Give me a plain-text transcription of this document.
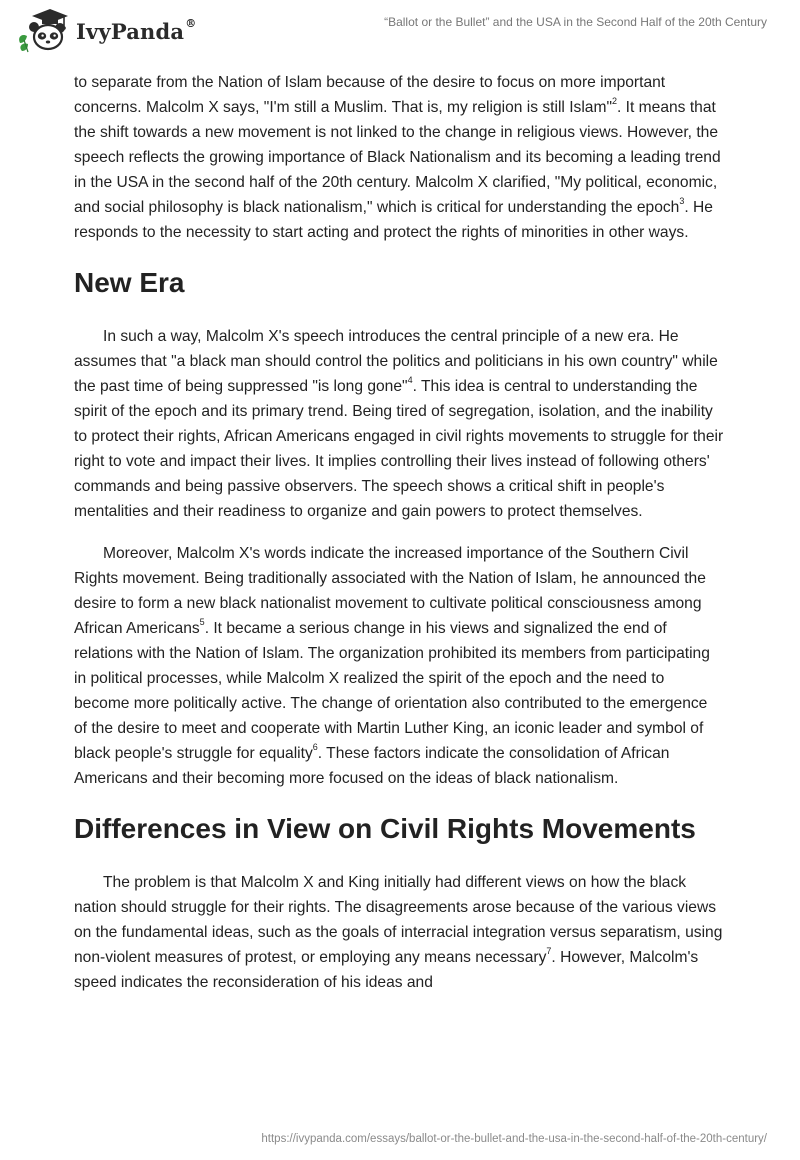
IvyPanda®	“Ballot or the Bullet” and the USA in the Second Half of the 20th Century

to separate from the Nation of Islam because of the desire to focus on more important concerns. Malcolm X says, "I'm still a Muslim. That is, my religion is still Islam"$^2$. It means that the shift towards a new movement is not linked to the change in religious views. However, the speech reflects the growing importance of Black Nationalism and its becoming a leading trend in the USA in the second half of the 20th century. Malcolm X clarified, "My political, economic, and social philosophy is black nationalism," which is critical for understanding the epoch$^3$. He responds to the necessity to start acting and protect the rights of minorities in other ways.

New Era

In such a way, Malcolm X's speech introduces the central principle of a new era. He assumes that "a black man should control the politics and politicians in his own country" while the past time of being suppressed "is long gone"$^4$. This idea is central to understanding the spirit of the epoch and its primary trend. Being tired of segregation, isolation, and the inability to protect their rights, African Americans engaged in civil rights movements to struggle for their right to vote and impact their lives. It implies controlling their lives instead of following others' commands and being passive observers. The speech shows a critical shift in people's mentalities and their readiness to organize and gain powers to protect themselves.

Moreover, Malcolm X's words indicate the increased importance of the Southern Civil Rights movement. Being traditionally associated with the Nation of Islam, he announced the desire to form a new black nationalist movement to cultivate political consciousness among African Americans$^5$. It became a serious change in his views and signalized the end of relations with the Nation of Islam. The organization prohibited its members from participating in political processes, while Malcolm X realized the spirit of the epoch and the need to become more politically active. The change of orientation also contributed to the emergence of the desire to meet and cooperate with Martin Luther King, an iconic leader and symbol of black people's struggle for equality$^6$. These factors indicate the consolidation of African Americans and their becoming more focused on the ideas of black nationalism.

Differences in View on Civil Rights Movements

The problem is that Malcolm X and King initially had different views on how the black nation should struggle for their rights. The disagreements arose because of the various views on the fundamental ideas, such as the goals of interracial integration versus separatism, using non-violent measures of protest, or employing any means necessary$^7$. However, Malcolm's speed indicates the reconsideration of his ideas and

https://ivypanda.com/essays/ballot-or-the-bullet-and-the-usa-in-the-second-half-of-the-20th-century/
